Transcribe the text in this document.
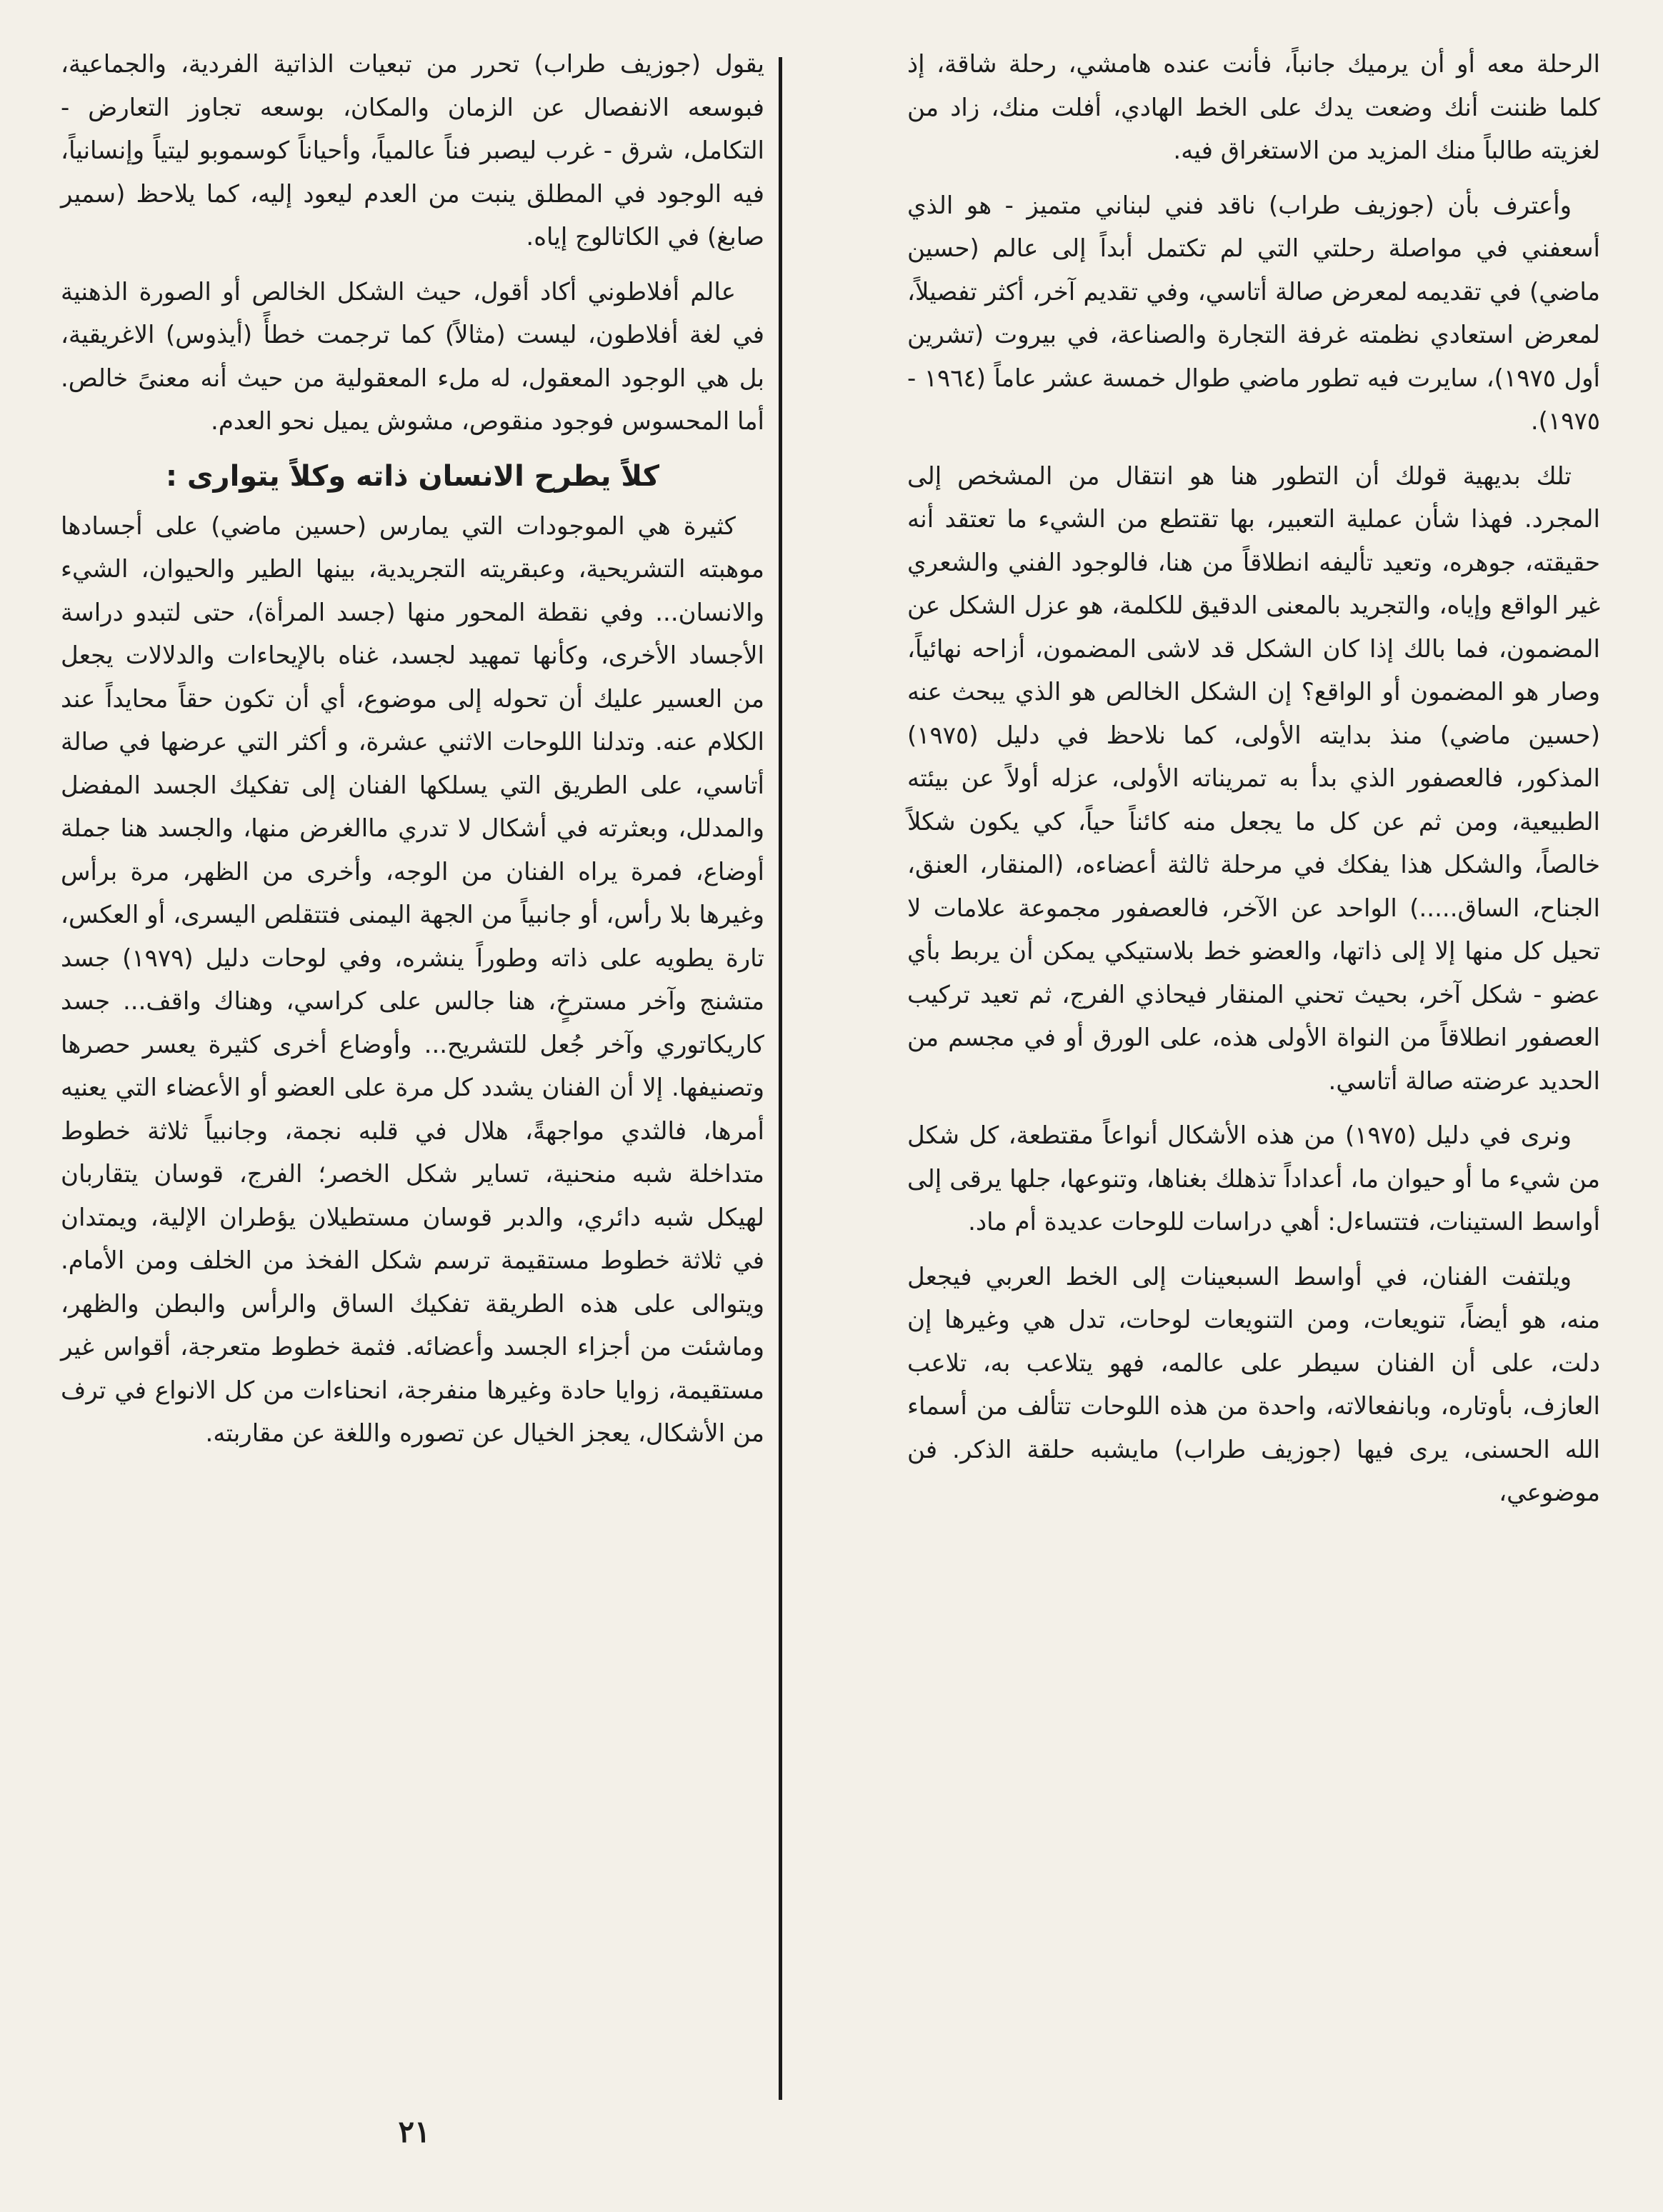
الرحلة معه أو أن يرميك جانباً، فأنت عنده هامشي، رحلة شاقة، إذ كلما ظننت أنك وضعت يدك على الخط الهادي، أفلت منك، زاد من لغزيته طالباً منك المزيد من الاستغراق فيه.

وأعترف بأن (جوزيف طراب) ناقد فني لبناني متميز - هو الذي أسعفني في مواصلة رحلتي التي لم تكتمل أبداً إلى عالم (حسين ماضي) في تقديمه لمعرض صالة أتاسي، وفي تقديم آخر، أكثر تفصيلاً، لمعرض استعادي نظمته غرفة التجارة والصناعة، في بيروت (تشرين أول ١٩٧٥)، سايرت فيه تطور ماضي طوال خمسة عشر عاماً (١٩٦٤ - ١٩٧٥).

تلك بديهية قولك أن التطور هنا هو انتقال من المشخص إلى المجرد. فهذا شأن عملية التعبير، بها تقتطع من الشيء ما تعتقد أنه حقيقته، جوهره، وتعيد تأليفه انطلاقاً من هنا، فالوجود الفني والشعري غير الواقع وإياه، والتجريد بالمعنى الدقيق للكلمة، هو عزل الشكل عن المضمون، فما بالك إذا كان الشكل قد لاشى المضمون، أزاحه نهائياً، وصار هو المضمون أو الواقع؟ إن الشكل الخالص هو الذي يبحث عنه (حسين ماضي) منذ بدايته الأولى، كما نلاحظ في دليل (١٩٧٥) المذكور، فالعصفور الذي بدأ به تمريناته الأولى، عزله أولاً عن بيئته الطبيعية، ومن ثم عن كل ما يجعل منه كائناً حياً، كي يكون شكلاً خالصاً، والشكل هذا يفكك في مرحلة ثالثة أعضاءه، (المنقار، العنق، الجناح، الساق.....) الواحد عن الآخر، فالعصفور مجموعة علامات لا تحيل كل منها إلا إلى ذاتها، والعضو خط بلاستيكي يمكن أن يربط بأي عضو - شكل آخر، بحيث تحني المنقار فيحاذي الفرج، ثم تعيد تركيب العصفور انطلاقاً من النواة الأولى هذه، على الورق أو في مجسم من الحديد عرضته صالة أتاسي.

ونرى في دليل (١٩٧٥) من هذه الأشكال أنواعاً مقتطعة، كل شكل من شيء ما أو حيوان ما، أعداداً تذهلك بغناها، وتنوعها، جلها يرقى إلى أواسط الستينات، فتتساءل: أهي دراسات للوحات عديدة أم ماد.

ويلتفت الفنان، في أواسط السبعينات إلى الخط العربي فيجعل منه، هو أيضاً، تنويعات، ومن التنويعات لوحات، تدل هي وغيرها إن دلت، على أن الفنان سيطر على عالمه، فهو يتلاعب به، تلاعب العازف، بأوتاره، وبانفعالاته، واحدة من هذه اللوحات تتألف من أسماء الله الحسنى، يرى فيها (جوزيف طراب) مايشبه حلقة الذكر. فن موضوعي،

يقول (جوزيف طراب) تحرر من تبعيات الذاتية الفردية، والجماعية، فبوسعه الانفصال عن الزمان والمكان، بوسعه تجاوز التعارض - التكامل، شرق - غرب ليصبر فناً عالمياً، وأحياناً كوسموبو ليتياً وإنسانياً، فيه الوجود في المطلق ينبت من العدم ليعود إليه، كما يلاحظ (سمير صابغ) في الكاتالوج إياه.

عالم أفلاطوني أكاد أقول، حيث الشكل الخالص أو الصورة الذهنية في لغة أفلاطون، ليست (مثالاً) كما ترجمت خطأً (أيذوس) الاغريقية، بل هي الوجود المعقول، له ملء المعقولية من حيث أنه معنىً خالص. أما المحسوس فوجود منقوص، مشوش يميل نحو العدم.

كلاً يطرح الانسان ذاته وكلاً يتوارى :

كثيرة هي الموجودات التي يمارس (حسين ماضي) على أجسادها موهبته التشريحية، وعبقريته التجريدية، بينها الطير والحيوان، الشيء والانسان... وفي نقطة المحور منها (جسد المرأة)، حتى لتبدو دراسة الأجساد الأخرى، وكأنها تمهيد لجسد، غناه بالإيحاءات والدلالات يجعل من العسير عليك أن تحوله إلى موضوع، أي أن تكون حقاً محايداً عند الكلام عنه. وتدلنا اللوحات الاثني عشرة، و أكثر التي عرضها في صالة أتاسي، على الطريق التي يسلكها الفنان إلى تفكيك الجسد المفضل والمدلل، وبعثرته في أشكال لا تدري ماالغرض منها، والجسد هنا جملة أوضاع، فمرة يراه الفنان من الوجه، وأخرى من الظهر، مرة برأس وغيرها بلا رأس، أو جانبياً من الجهة اليمنى فتتقلص اليسرى، أو العكس، تارة يطويه على ذاته وطوراً ينشره، وفي لوحات دليل (١٩٧٩) جسد متشنج وآخر مسترخٍ، هنا جالس على كراسي، وهناك واقف... جسد كاريكاتوري وآخر جُعل للتشريح... وأوضاع أخرى كثيرة يعسر حصرها وتصنيفها. إلا أن الفنان يشدد كل مرة على العضو أو الأعضاء التي يعنيه أمرها، فالثدي مواجهةً، هلال في قلبه نجمة، وجانبياً ثلاثة خطوط متداخلة شبه منحنية، تساير شكل الخصر؛ الفرج، قوسان يتقاربان لهيكل شبه دائري، والدبر قوسان مستطيلان يؤطران الإلية، ويمتدان في ثلاثة خطوط مستقيمة ترسم شكل الفخذ من الخلف ومن الأمام. ويتوالى على هذه الطريقة تفكيك الساق والرأس والبطن والظهر، وماشئت من أجزاء الجسد وأعضائه. فثمة خطوط متعرجة، أقواس غير مستقيمة، زوايا حادة وغيرها منفرجة، انحناءات من كل الانواع في ترف من الأشكال، يعجز الخيال عن تصوره واللغة عن مقاربته.

٢١
